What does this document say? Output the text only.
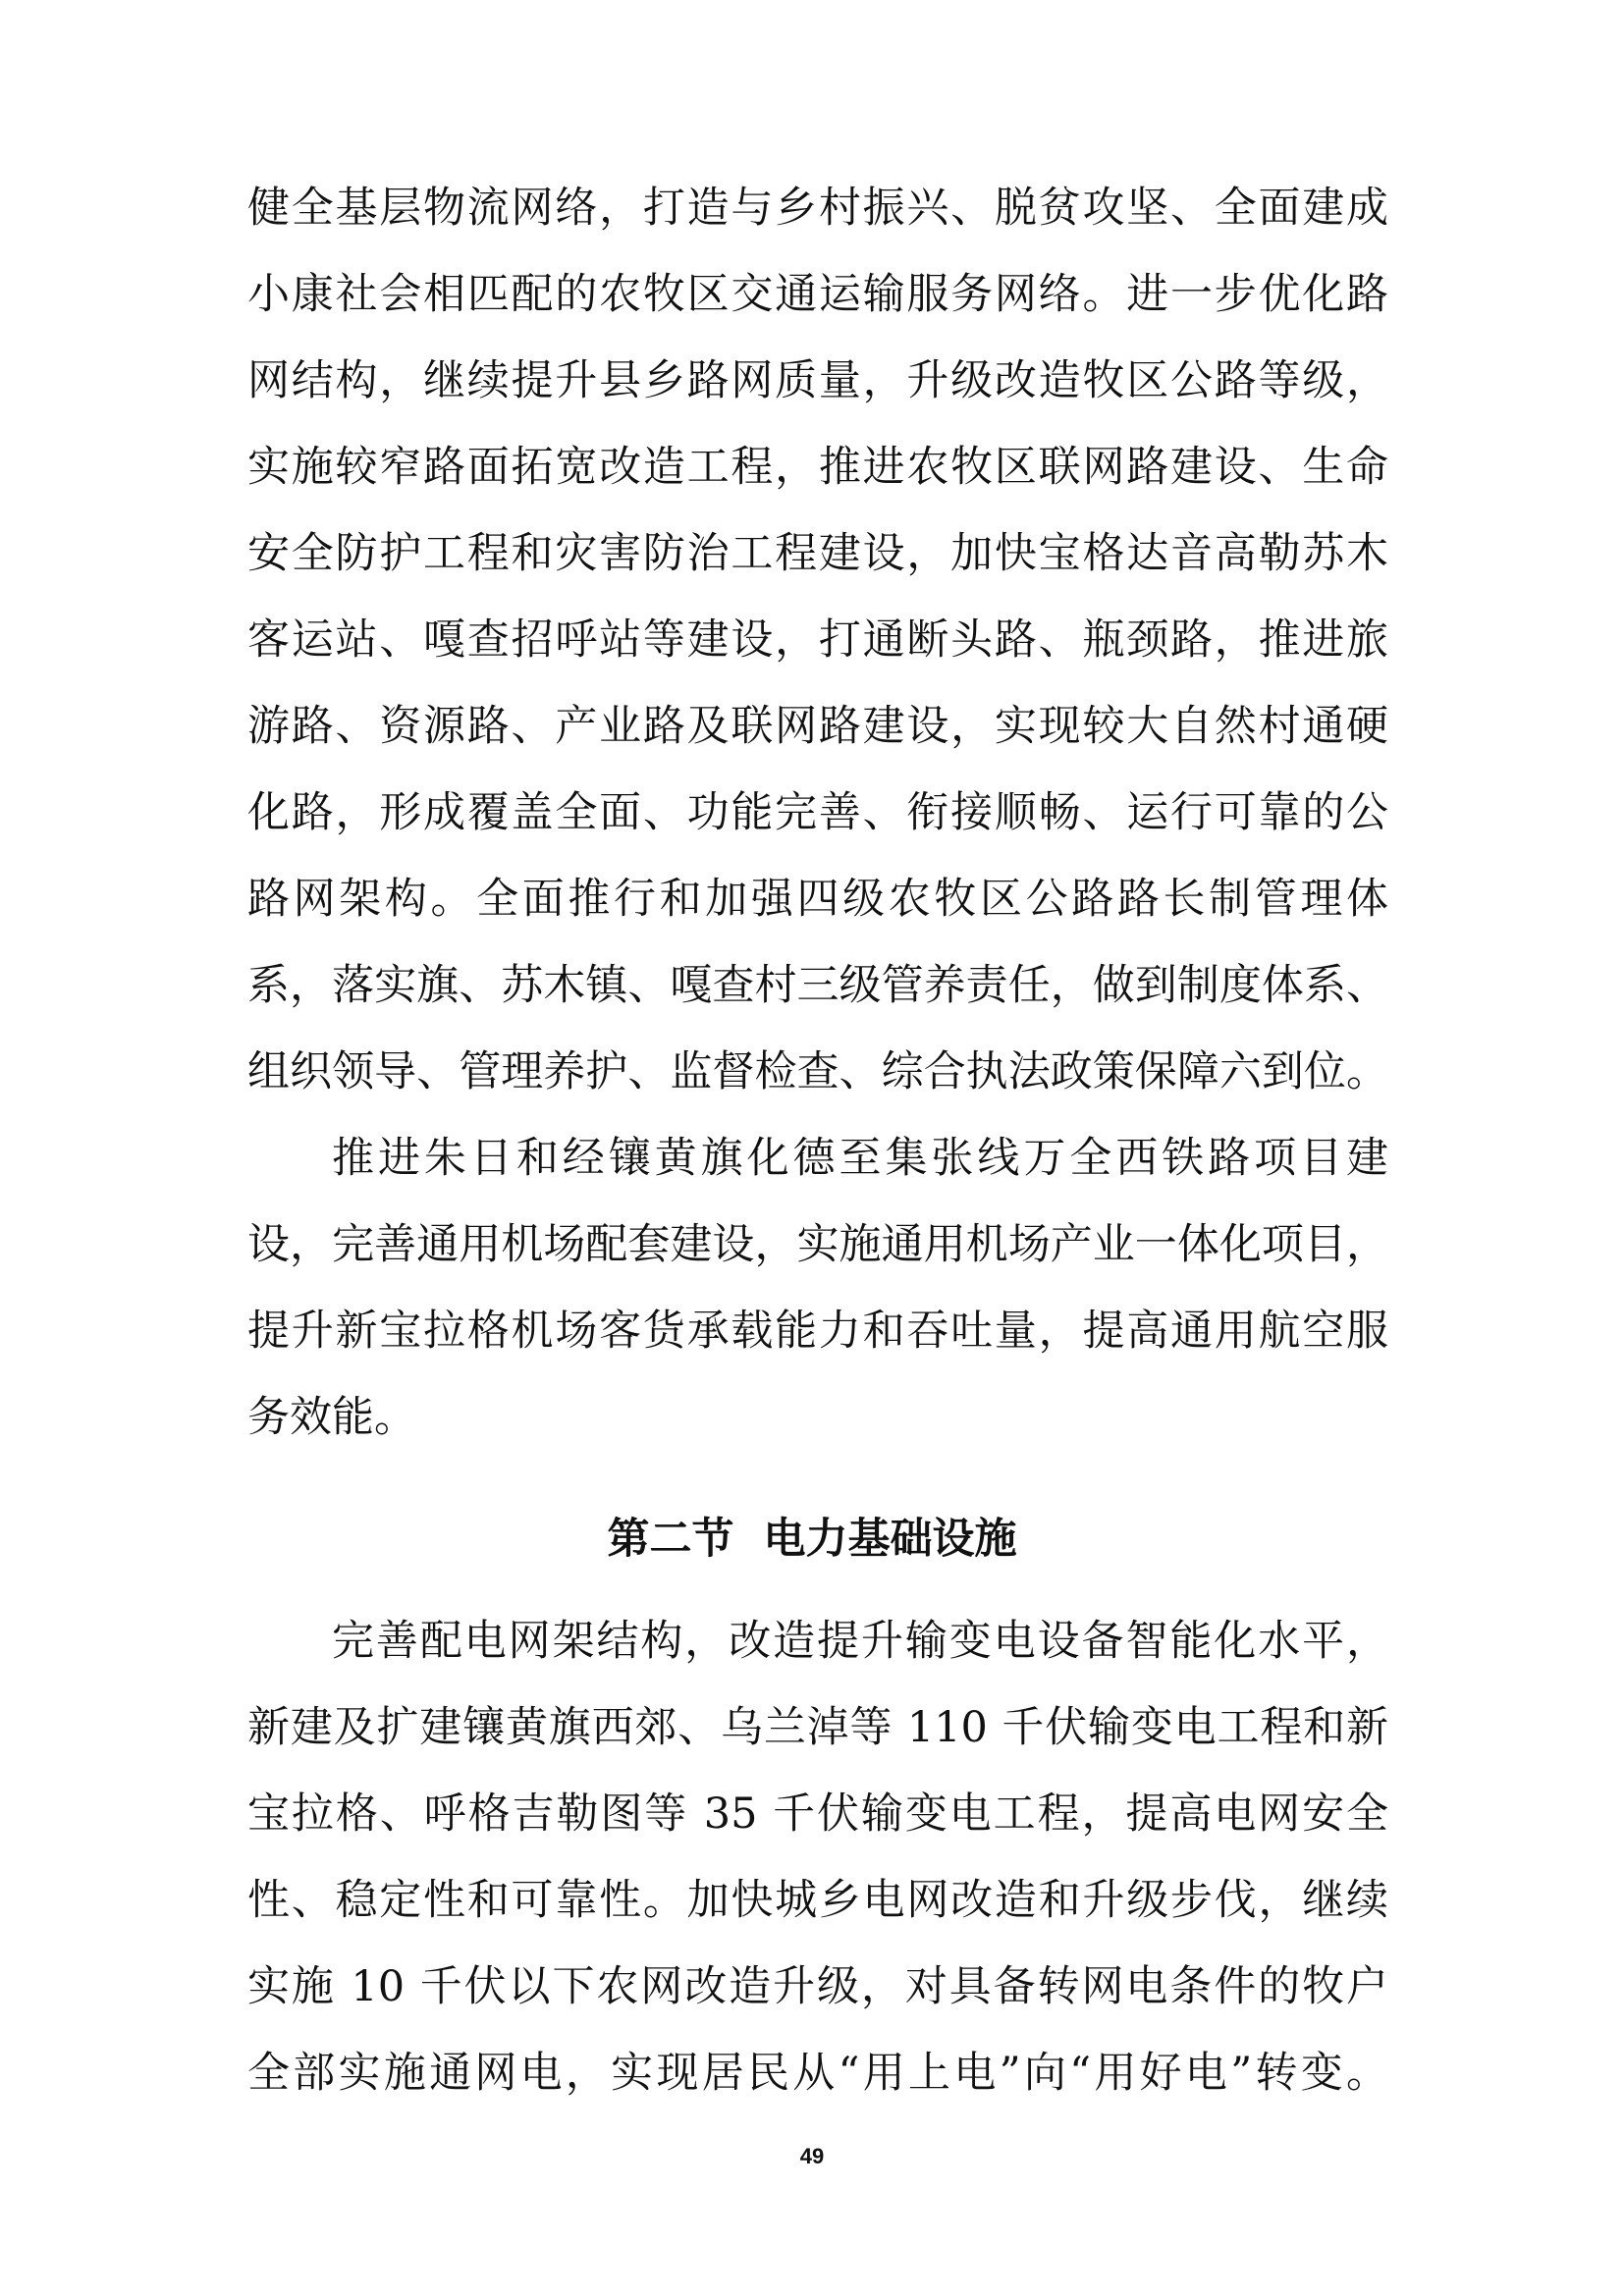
健全基层物流网络，打造与乡村振兴、脱贫攻坚、全面建成
小康社会相匹配的农牧区交通运输服务网络。进一步优化路
网结构，继续提升县乡路网质量，升级改造牧区公路等级，
实施较窄路面拓宽改造工程，推进农牧区联网路建设、生命
安全防护工程和灾害防治工程建设，加快宝格达音高勒苏木
客运站、嘎查招呼站等建设，打通断头路、瓶颈路，推进旅
游路、资源路、产业路及联网路建设，实现较大自然村通硬
化路，形成覆盖全面、功能完善、衔接顺畅、运行可靠的公
路网架构。全面推行和加强四级农牧区公路路长制管理体
系，落实旗、苏木镇、嘎查村三级管养责任，做到制度体系、
组织领导、管理养护、监督检查、综合执法政策保障六到位。
推进朱日和经镶黄旗化德至集张线万全西铁路项目建
设，完善通用机场配套建设，实施通用机场产业一体化项目，
提升新宝拉格机场客货承载能力和吞吐量，提高通用航空服
务效能。
第二节 电力基础设施
完善配电网架结构，改造提升输变电设备智能化水平，
新建及扩建镶黄旗西郊、乌兰淖等 110 千伏输变电工程和新
宝拉格、呼格吉勒图等 35 千伏输变电工程，提高电网安全
性、稳定性和可靠性。加快城乡电网改造和升级步伐，继续
实施 10 千伏以下农网改造升级，对具备转网电条件的牧户
全部实施通网电，实现居民从“用上电”向“用好电”转变。
49
